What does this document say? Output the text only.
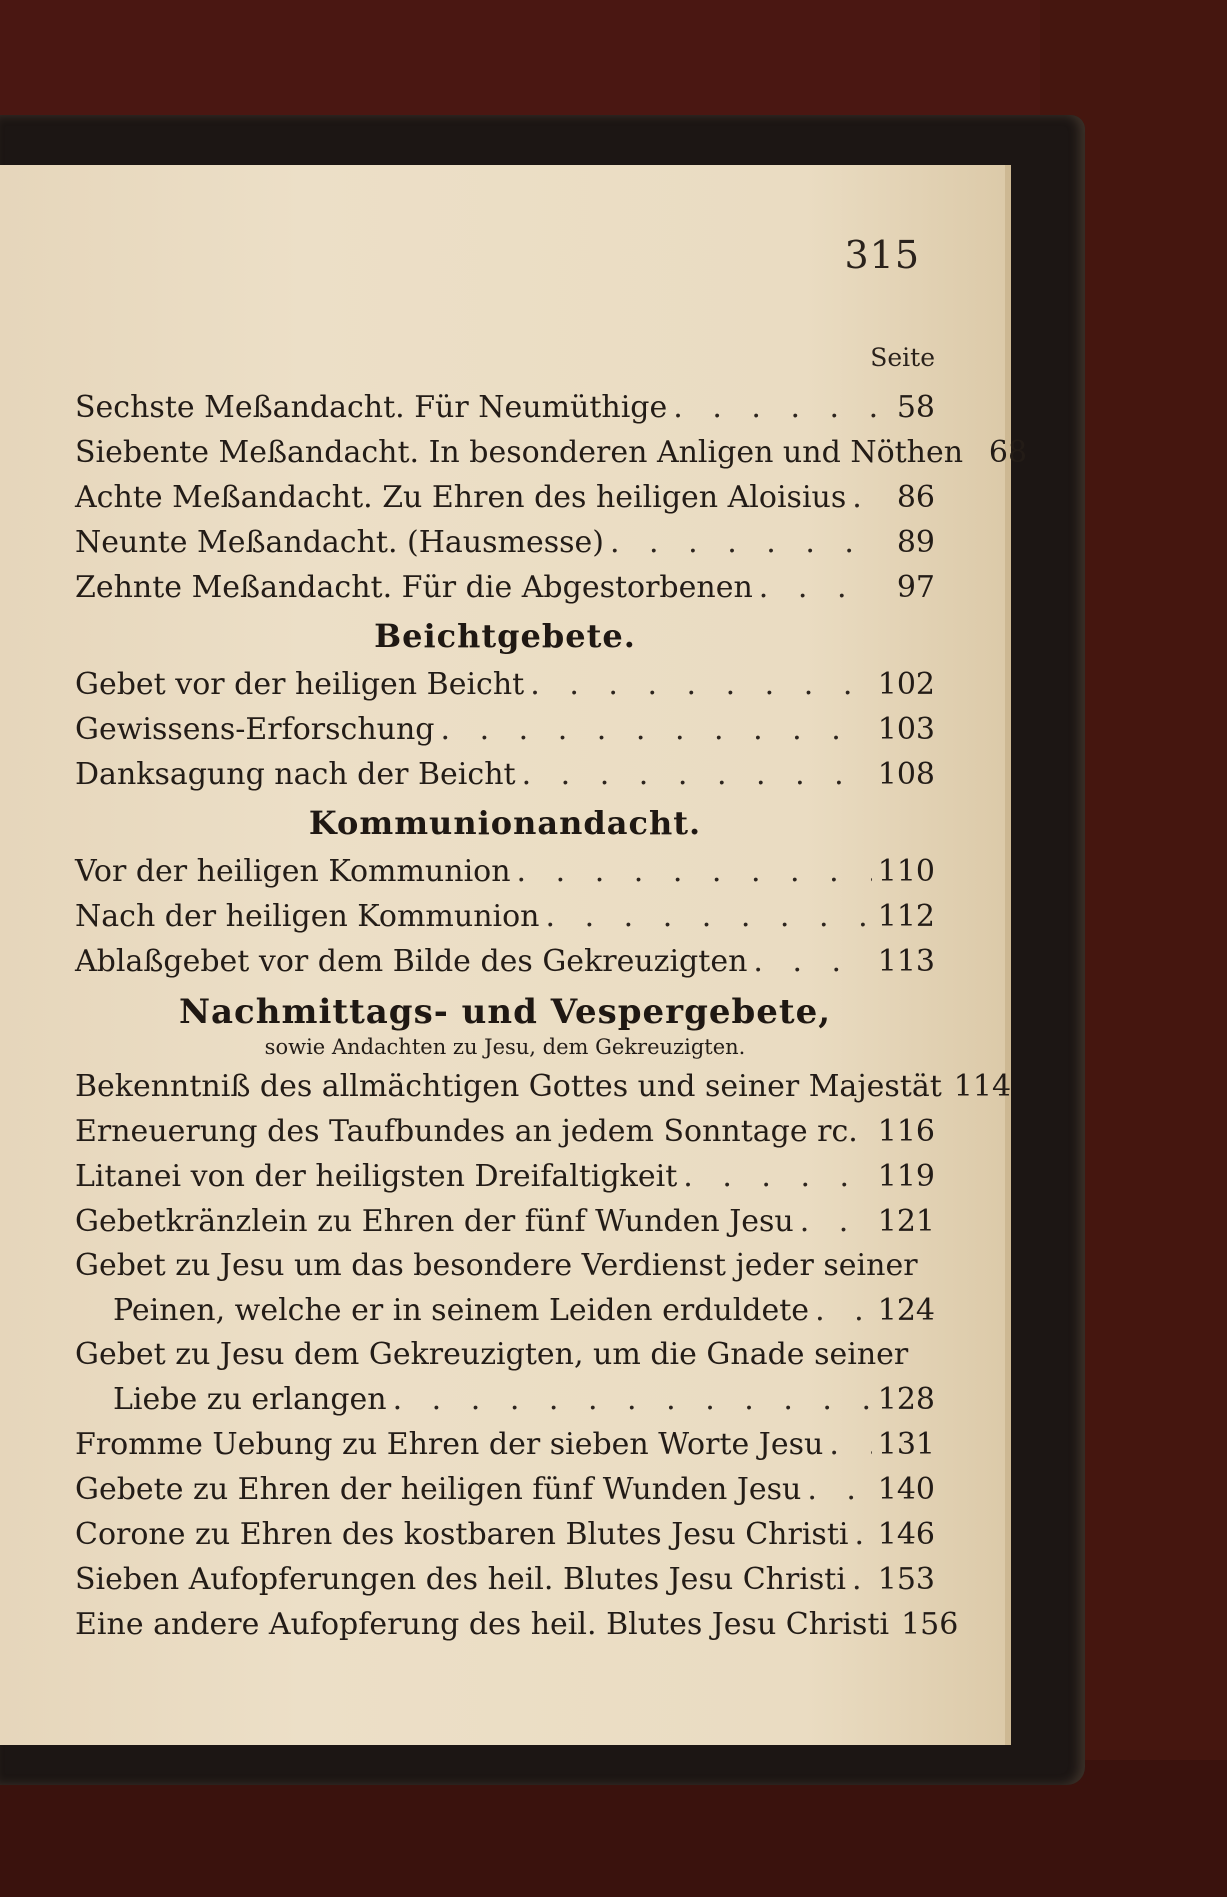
315
Seite
Sechste Meßandacht. Für Neumüthige . . .	58
Siebente Meßandacht. In besonderen Anligen und Nöthen 68
Achte Meßandacht. Zu Ehren des heiligen Aloisius . . .	86
Neunte Meßandacht. (Hausmesse) . . .	89
Zehnte Meßandacht. Für die Abgestorbenen . . .	97
Beichtgebete.
Gebet vor der heiligen Beicht . . .	102
Gewissens-Erforschung . . .	103
Danksagung nach der Beicht . . .	108
Kommunionandacht.
Vor der heiligen Kommunion . . .	110
Nach der heiligen Kommunion . . .	112
Ablaßgebet vor dem Bilde des Gekreuzigten . . .	113
Nachmittags- und Vespergebete,
sowie Andachten zu Jesu, dem Gekreuzigten.
Bekenntniß des allmächtigen Gottes und seiner Majestät 114
Erneuerung des Taufbundes an jedem Sonntage rc. 116
Litanei von der heiligsten Dreifaltigkeit . . .	119
Gebetkränzlein zu Ehren der fünf Wunden Jesu . . .	121
Gebet zu Jesu um das besondere Verdienst jeder seiner
Peinen, welche er in seinem Leiden erduldete . . . 124
Gebet zu Jesu dem Gekreuzigten, um die Gnade seiner
Liebe zu erlangen . . .	128
Fromme Uebung zu Ehren der sieben Worte Jesu . . . 131
Gebete zu Ehren der heiligen fünf Wunden Jesu . . .	140
Corone zu Ehren des kostbaren Blutes Jesu Christi . . . 146
Sieben Aufopferungen des heil. Blutes Jesu Christi . . . 153
Eine andere Aufopferung des heil. Blutes Jesu Christi 156
